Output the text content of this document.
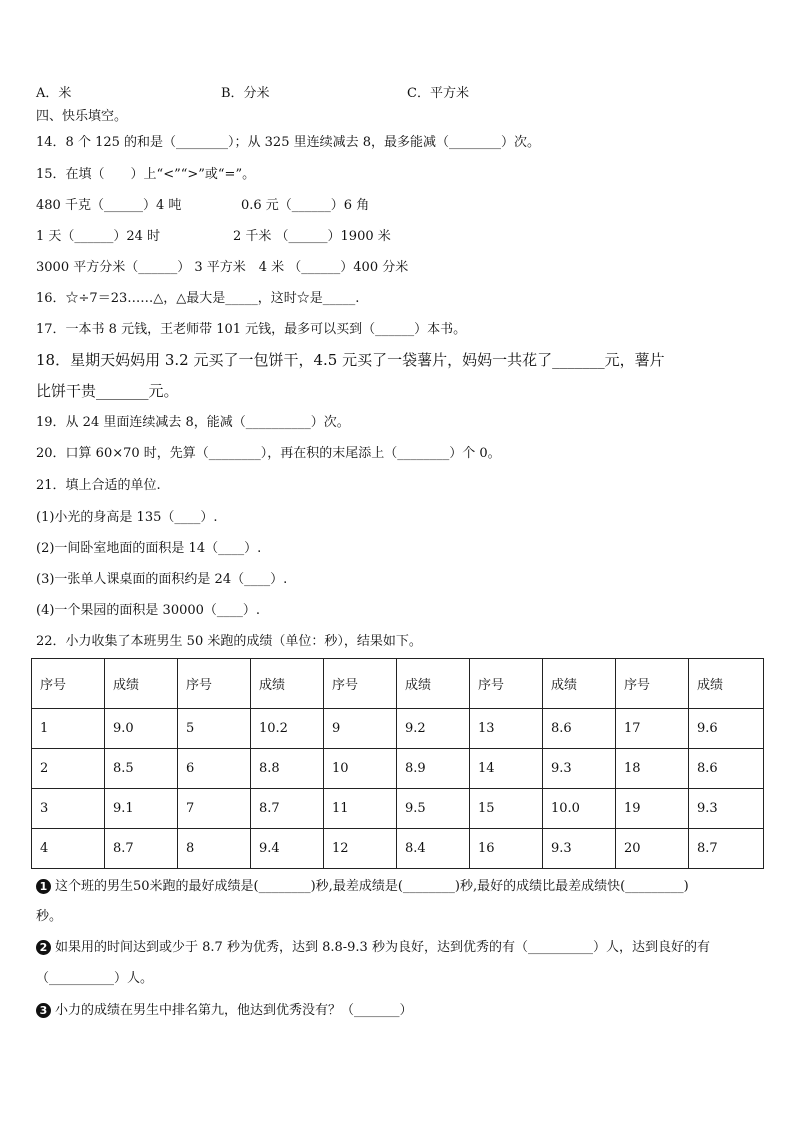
A．米	B．分米	C．平方米
四、快乐填空。
14．8 个 125 的和是（________）；从 325 里连续减去 8，最多能减（________）次。
15．在填（　　）上“<”“>”或“=”。
480 千克（______）4 吨	0.6 元（______）6 角
1 天（______）24 时	2 千米 （______）1900 米
3000 平方分米（______） 3 平方米　4 米 （______）400 分米
16．☆÷7＝23……△，△最大是_____，这时☆是_____.
17．一本书 8 元钱，王老师带 101 元钱，最多可以买到（______）本书。
18．星期天妈妈用 3.2 元买了一包饼干，4.5 元买了一袋薯片，妈妈一共花了_______元，薯片
比饼干贵_______元。
19．从 24 里面连续减去 8，能减（__________）次。
20．口算 60×70 时，先算（________），再在积的末尾添上（________）个 0。
21．填上合适的单位.
(1)小光的身高是 135（____）.
(2)一间卧室地面的面积是 14（____）.
(3)一张单人课桌面的面积约是 24（____）.
(4)一个果园的面积是 30000（____）.
22．小力收集了本班男生 50 米跑的成绩（单位：秒），结果如下。
序号	成绩	序号	成绩	序号	成绩	序号	成绩	序号	成绩
1	9.0	5	10.2	9	9.2	13	8.6	17	9.6
2	8.5	6	8.8	10	8.9	14	9.3	18	8.6
3	9.1	7	8.7	11	9.5	15	10.0	19	9.3
4	8.7	8	9.4	12	8.4	16	9.3	20	8.7
1 这个班的男生50米跑的最好成绩是(________)秒,最差成绩是(________)秒,最好的成绩比最差成绩快(_________)
秒。
2 如果用的时间达到或少于 8.7 秒为优秀，达到 8.8-9.3 秒为良好，达到优秀的有（__________）人，达到良好的有
（__________）人。
3 小力的成绩在男生中排名第九，他达到优秀没有？（_______）
